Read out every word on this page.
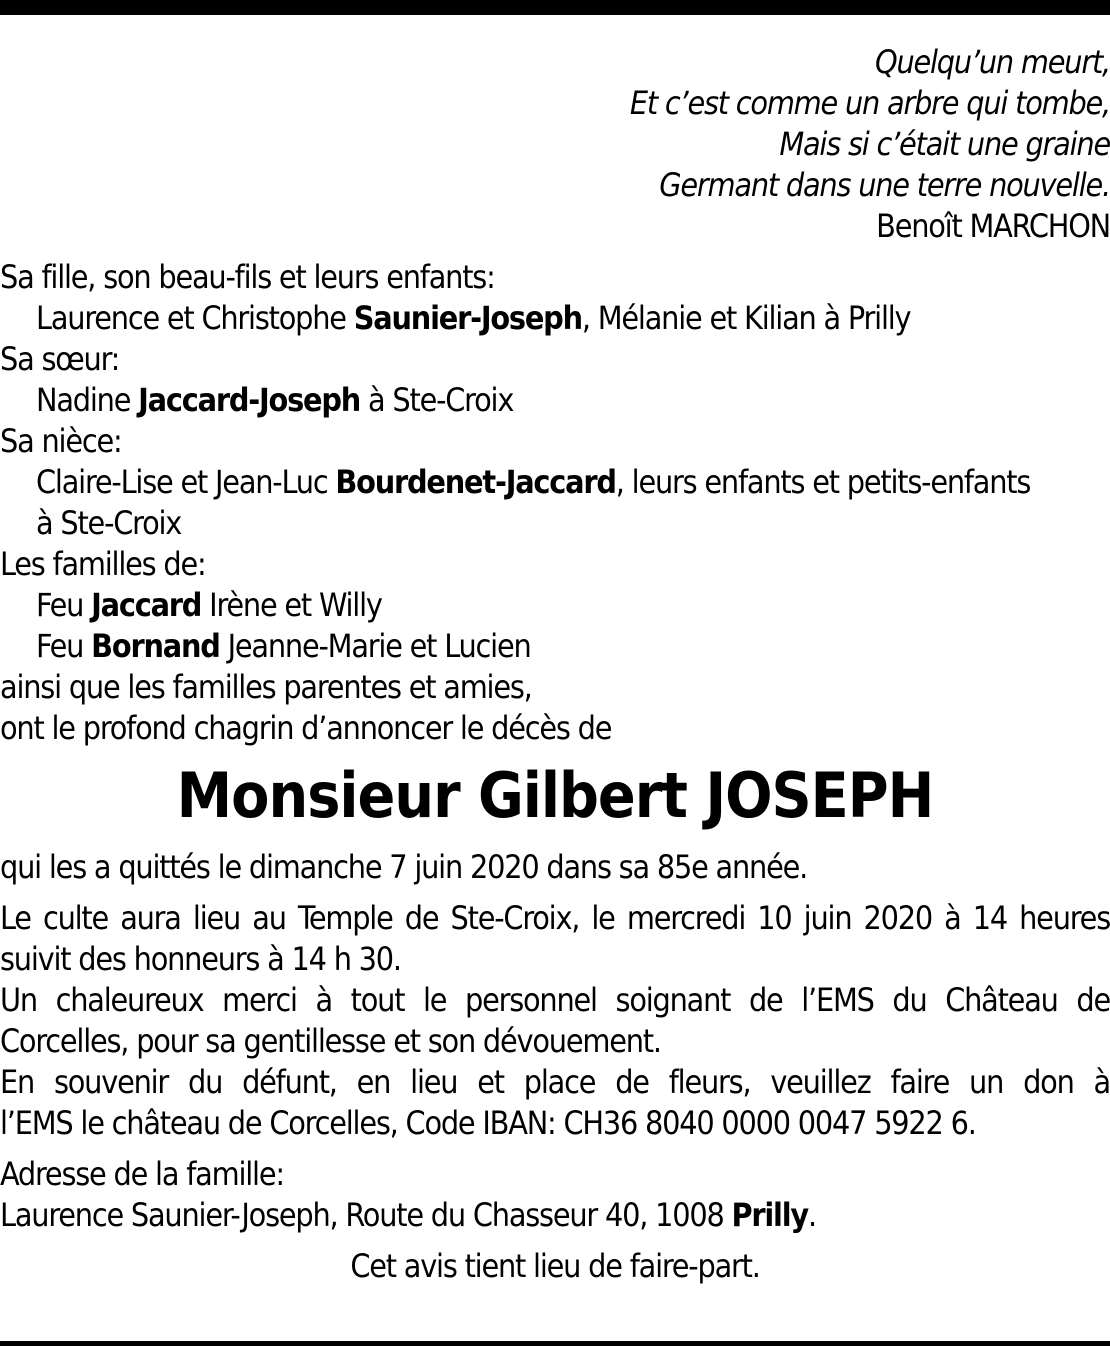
Quelqu’un meurt,
Et c’est comme un arbre qui tombe,
Mais si c’était une graine
Germant dans une terre nouvelle.
Benoît MARCHON
Sa fille, son beau-fils et leurs enfants:
Laurence et Christophe Saunier-Joseph, Mélanie et Kilian à Prilly
Sa sœur:
Nadine Jaccard-Joseph à Ste-Croix
Sa nièce:
Claire-Lise et Jean-Luc Bourdenet-Jaccard, leurs enfants et petits-enfants
à Ste-Croix
Les familles de:
Feu Jaccard Irène et Willy
Feu Bornand Jeanne-Marie et Lucien
ainsi que les familles parentes et amies,
ont le profond chagrin d’annoncer le décès de
Monsieur Gilbert JOSEPH
qui les a quittés le dimanche 7 juin 2020 dans sa 85e année.
Le culte aura lieu au Temple de Ste-Croix, le mercredi 10 juin 2020 à 14 heures
suivit des honneurs à 14 h 30.
Un chaleureux merci à tout le personnel soignant de l’EMS du Château de
Corcelles, pour sa gentillesse et son dévouement.
En souvenir du défunt, en lieu et place de fleurs, veuillez faire un don à
l’EMS le château de Corcelles, Code IBAN: CH36 8040 0000 0047 5922 6.
Adresse de la famille:
Laurence Saunier-Joseph, Route du Chasseur 40, 1008 Prilly.
Cet avis tient lieu de faire-part.
